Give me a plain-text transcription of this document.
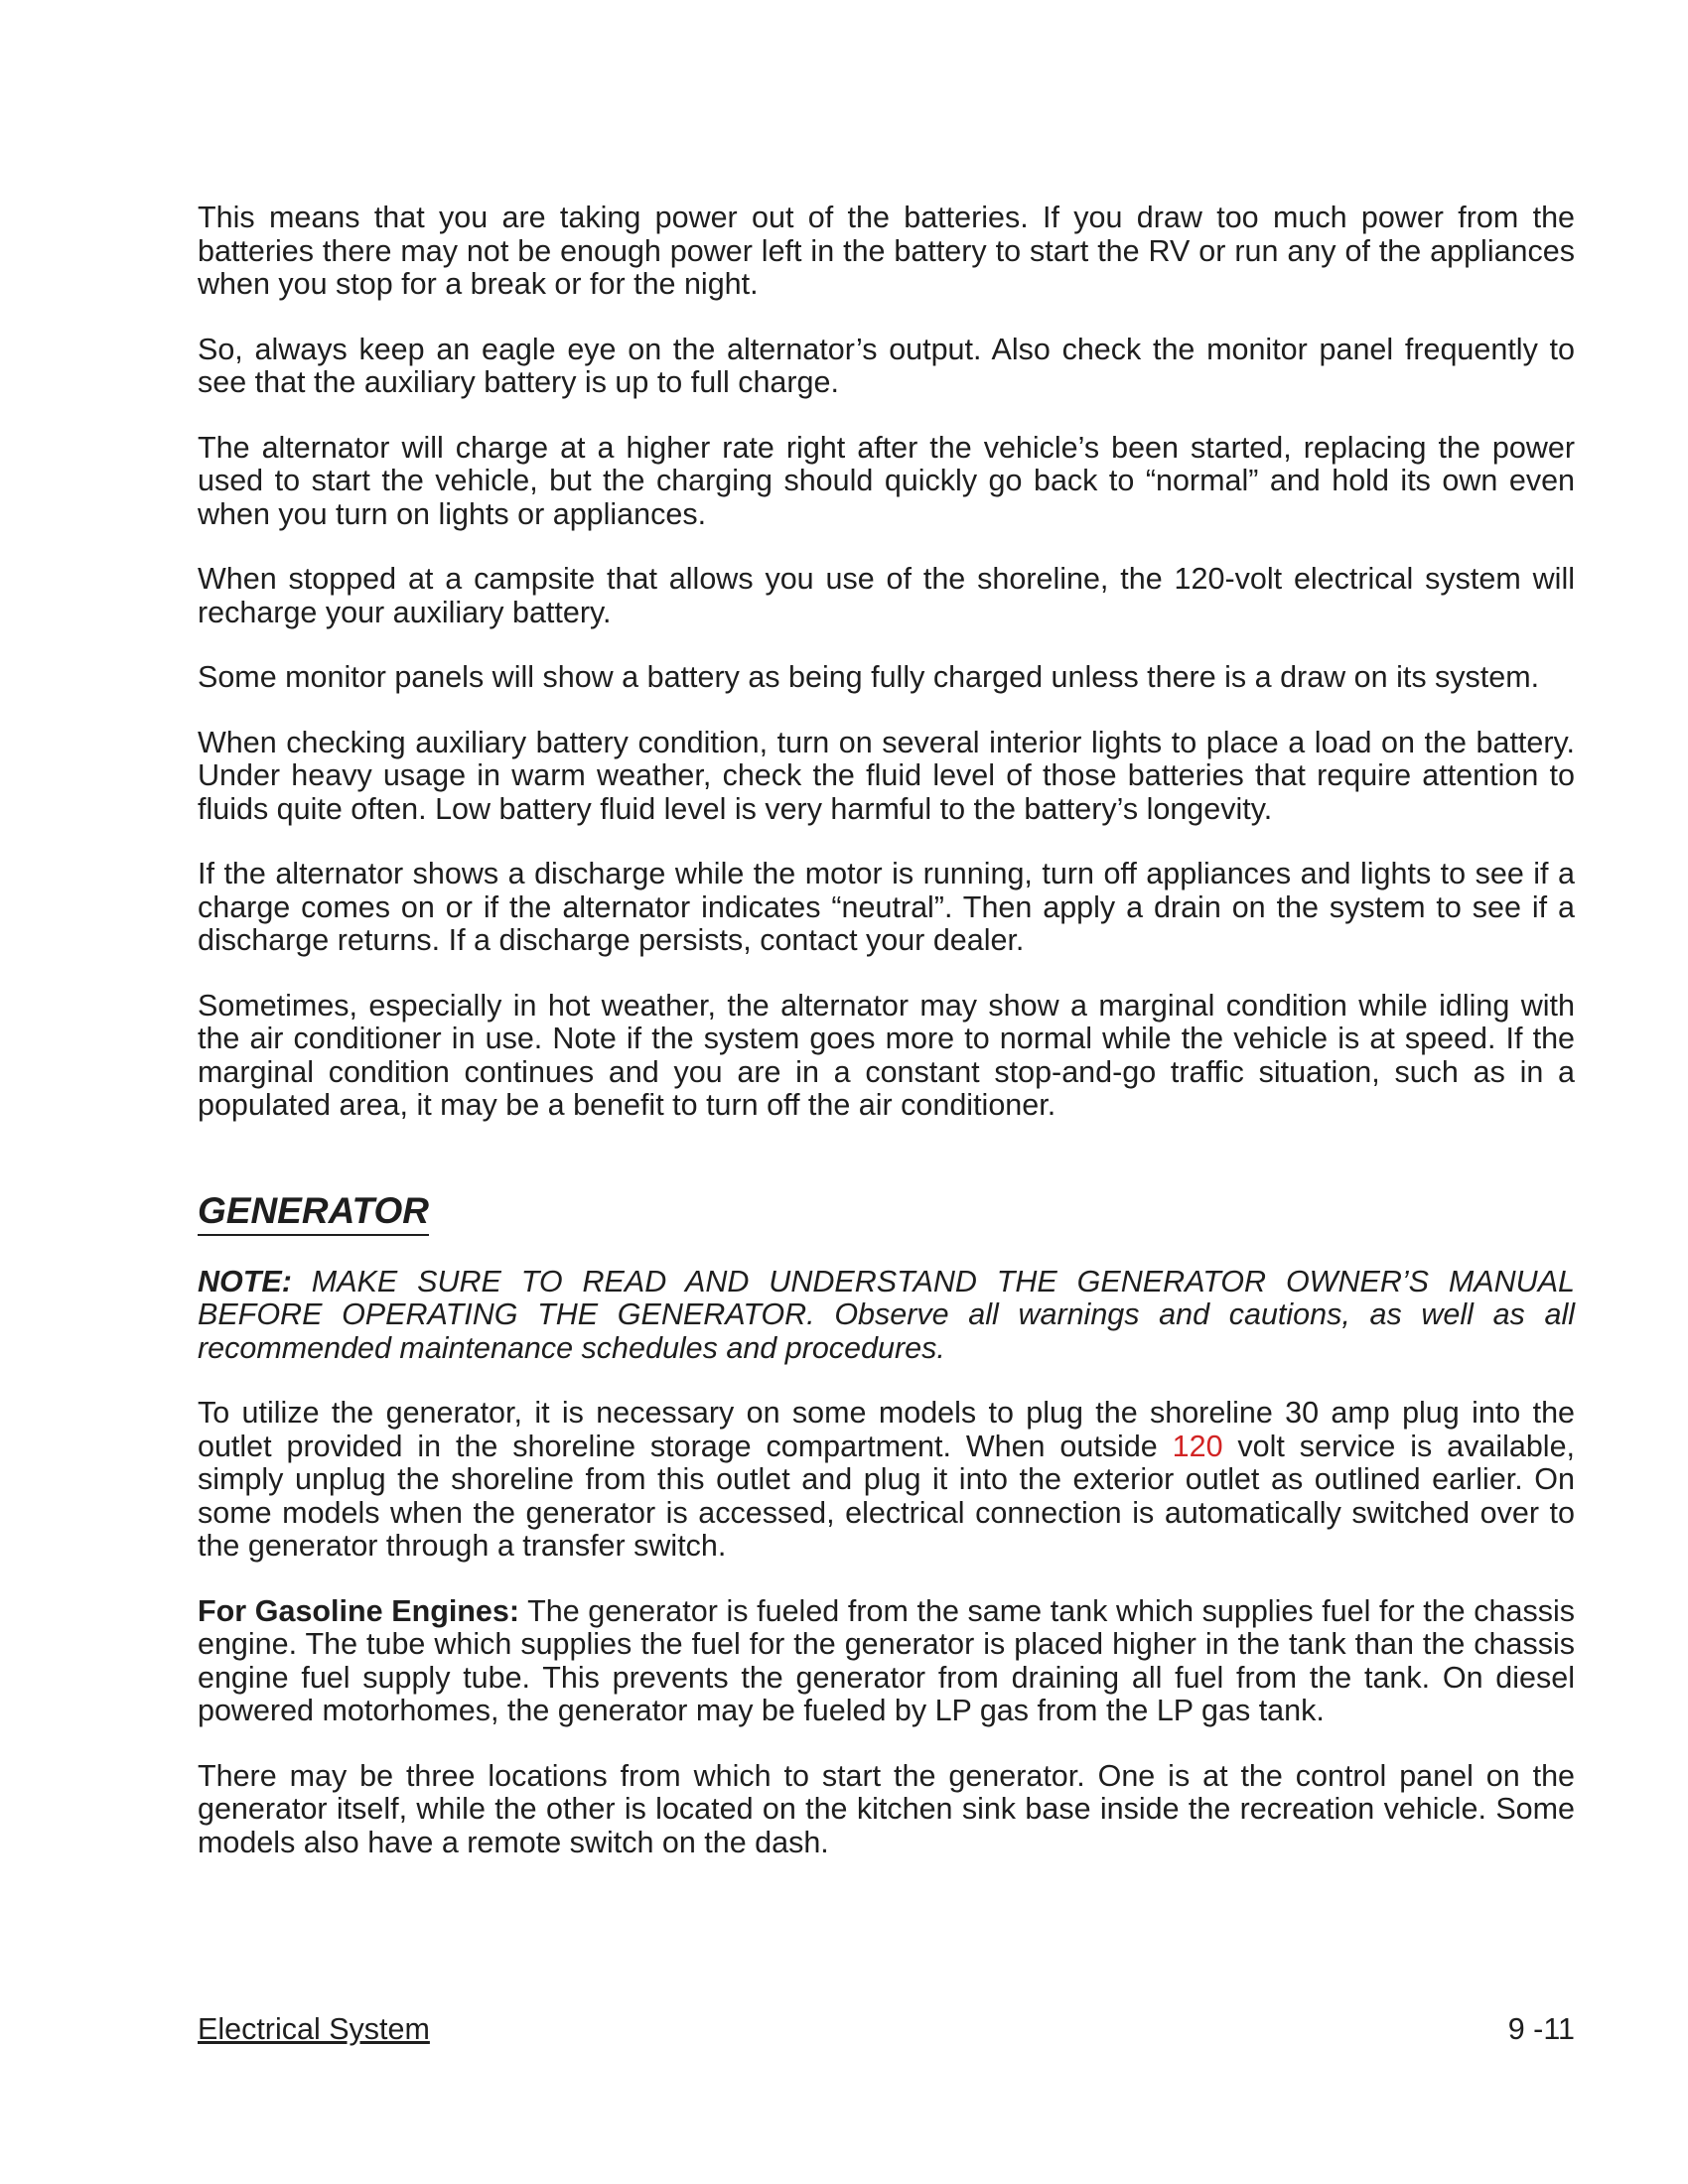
This means that you are taking power out of the batteries. If you draw too much power from the batteries there may not be enough power left in the battery to start the RV or run any of the appliances when you stop for a break or for the night.

So, always keep an eagle eye on the alternator’s output. Also check the monitor panel frequently to see that the auxiliary battery is up to full charge.

The alternator will charge at a higher rate right after the vehicle’s been started, replacing the power used to start the vehicle, but the charging should quickly go back to “normal” and hold its own even when you turn on lights or appliances.

When stopped at a campsite that allows you use of the shoreline, the 120-volt electrical system will recharge your auxiliary battery.

Some monitor panels will show a battery as being fully charged unless there is a draw on its system.

When checking auxiliary battery condition, turn on several interior lights to place a load on the battery. Under heavy usage in warm weather, check the fluid level of those batteries that require attention to fluids quite often. Low battery fluid level is very harmful to the battery’s longevity.

If the alternator shows a discharge while the motor is running, turn off appliances and lights to see if a charge comes on or if the alternator indicates “neutral”. Then apply a drain on the system to see if a discharge returns. If a discharge persists, contact your dealer.

Sometimes, especially in hot weather, the alternator may show a marginal condition while idling with the air conditioner in use. Note if the system goes more to normal while the vehicle is at speed. If the marginal condition continues and you are in a constant stop-and-go traffic situation, such as in a populated area, it may be a benefit to turn off the air conditioner.

GENERATOR

NOTE: MAKE SURE TO READ AND UNDERSTAND THE GENERATOR OWNER’S MANUAL BEFORE OPERATING THE GENERATOR. Observe all warnings and cautions, as well as all recommended maintenance schedules and procedures.

To utilize the generator, it is necessary on some models to plug the shoreline 30 amp plug into the outlet provided in the shoreline storage compartment. When outside 120 volt service is available, simply unplug the shoreline from this outlet and plug it into the exterior outlet as outlined earlier. On some models when the generator is accessed, electrical connection is automatically switched over to the generator through a transfer switch.

For Gasoline Engines: The generator is fueled from the same tank which supplies fuel for the chassis engine. The tube which supplies the fuel for the generator is placed higher in the tank than the chassis engine fuel supply tube. This prevents the generator from draining all fuel from the tank. On diesel powered motorhomes, the generator may be fueled by LP gas from the LP gas tank.

There may be three locations from which to start the generator. One is at the control panel on the generator itself, while the other is located on the kitchen sink base inside the recreation vehicle. Some models also have a remote switch on the dash.

Electrical System	9 -11
